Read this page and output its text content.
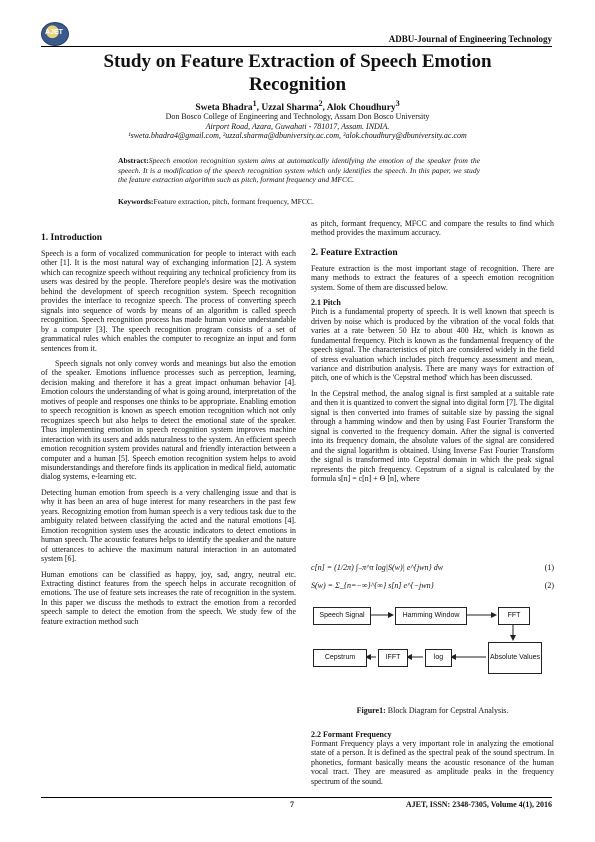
AJET
ADBU-Journal of Engineering Technology
Study on Feature Extraction of Speech Emotion Recognition
Sweta Bhadra$^1$, Uzzal Sharma$^2$, Alok Choudhury$^3$
Don Bosco College of Engineering and Technology, Assam Don Bosco University
Airport Road, Azara, Guwahati - 781017, Assam. INDIA.
¹sweta.bhadra4@gmail.com, ²uzzal.sharma@dbuniversity.ac.com, ³alok.choudhury@dbuniversity.ac.com
Abstract:Speech emotion recognition system aims at automatically identifying the emotion of the speaker from the speech. It is a modification of the speech recognition system which only identifies the speech. In this paper, we study the feature extraction algorithm such as pitch, formant frequency and MFCC.
Keywords:Feature extraction, pitch, formant frequency, MFCC.
1. Introduction

Speech is a form of vocalized communication for people to interact with each other [1]. It is the most natural way of exchanging information [2]. A system which can recognize speech without requiring any technical proficiency from its users was desired by the people. Therefore people's desire was the motivation behind the development of speech recognition system. Speech recognition provides the interface to recognize speech. The process of converting speech signals into sequence of words by means of an algorithm is called speech recognition. Speech recognition process has made human voice understandable by a computer [3]. The speech recognition program consists of a set of grammatical rules which enables the computer to recognize an input and form sentences from it.

Speech signals not only convey words and meanings but also the emotion of the speaker. Emotions influence processes such as perception, learning, decision making and therefore it has a great impact onhuman behavior [4]. Emotion colours the understanding of what is going around, interpretation of the motives of people and responses one thinks to be appropriate. Enabling emotion to speech recognition is known as speech emotion recognition which not only recognizes speech but also helps to detect the emotional state of the speaker. Thus implementing emotion in speech recognition system improves machine interaction with its users and adds naturalness to the system. An efficient speech emotion recognition system provides natural and friendly interaction between a computer and a human [5]. Speech emotion recognition system helps to avoid misunderstandings and therefore finds its application in medical field, automatic dialog systems, e-learning etc.

Detecting human emotion from speech is a very challenging issue and that is why it has been an area of huge interest for many researchers in the past few years. Recognizing emotion from human speech is a very tedious task due to the ambiguity related between classifying the acted and the natural emotions [4]. Emotion recognition system uses the acoustic indicators to detect emotions in human speech. The acoustic features helps to identify the speaker and the nature of utterances to achieve the maximum natural interaction in an automated system [6].

Human emotions can be classified as happy, joy, sad, angry, neutral etc. Extracting distinct features from the speech helps in accurate recognition of emotions. The use of feature sets increases the rate of recognition in the system. In this paper we discuss the methods to extract the emotion from a recorded speech sample to detect the emotion from the speech. We study few of the feature extraction method such

as pitch, formant frequency, MFCC and compare the results to find which method provides the maximum accuracy.

2. Feature Extraction

Feature extraction is the most important stage of recognition. There are many methods to extract the features of a speech emotion recognition system. Some of them are discussed below.

2.1 Pitch

Pitch is a fundamental property of speech. It is well known that speech is driven by noise which is produced by the vibration of the vocal folds that varies at a rate between 50 Hz to about 400 Hz, which is known as fundamental frequency. Pitch is known as the fundamental frequency of the speech signal. The characteristics of pitch are considered widely in the field of stress evaluation which includes pitch frequency assessment and mean, variance and distribution analysis. There are many ways for extraction of pitch, one of which is the 'Cepstral method' which has been discussed.

In the Cepstral method, the analog signal is first sampled at a suitable rate and then it is quantized to convert the signal into digital form [7]. The digital signal is then converted into frames of suitable size by passing the signal through a hamming window and then by using Fast Fourier Transform the signal is converted to the frequency domain. After the signal is converted into its frequency domain, the absolute values of the signal are considered and the signal logarithm is obtained. Using Inverse Fast Fourier Transform the signal is transformed into Cepstral domain in which the peak signal represents the pitch frequency. Cepstrum of a signal is calculated by the formula s[n] = c[n] + Θ [n], where

c[n] = (1/2π) ∫₋π^π log|S(w)| e^{jwn} dw	(1)
S(w) = Σ_{n=−∞}^{∞} s[n] e^{−jwn}	(2)
Speech Signal	Hamming Window	FFT
Cepstrum	IFFT	log	Absolute Values
Figure1: Block Diagram for Cepstral Analysis.
2.2 Formant Frequency

Formant Frequency plays a very important role in analyzing the emotional state of a person. It is defined as the spectral peak of the sound spectrum. In phonetics, formant basically means the acoustic resonance of the human vocal tract. They are measured as amplitude peaks in the frequency spectrum of the sound.

7	AJET, ISSN: 2348-7305, Volume 4(1), 2016
